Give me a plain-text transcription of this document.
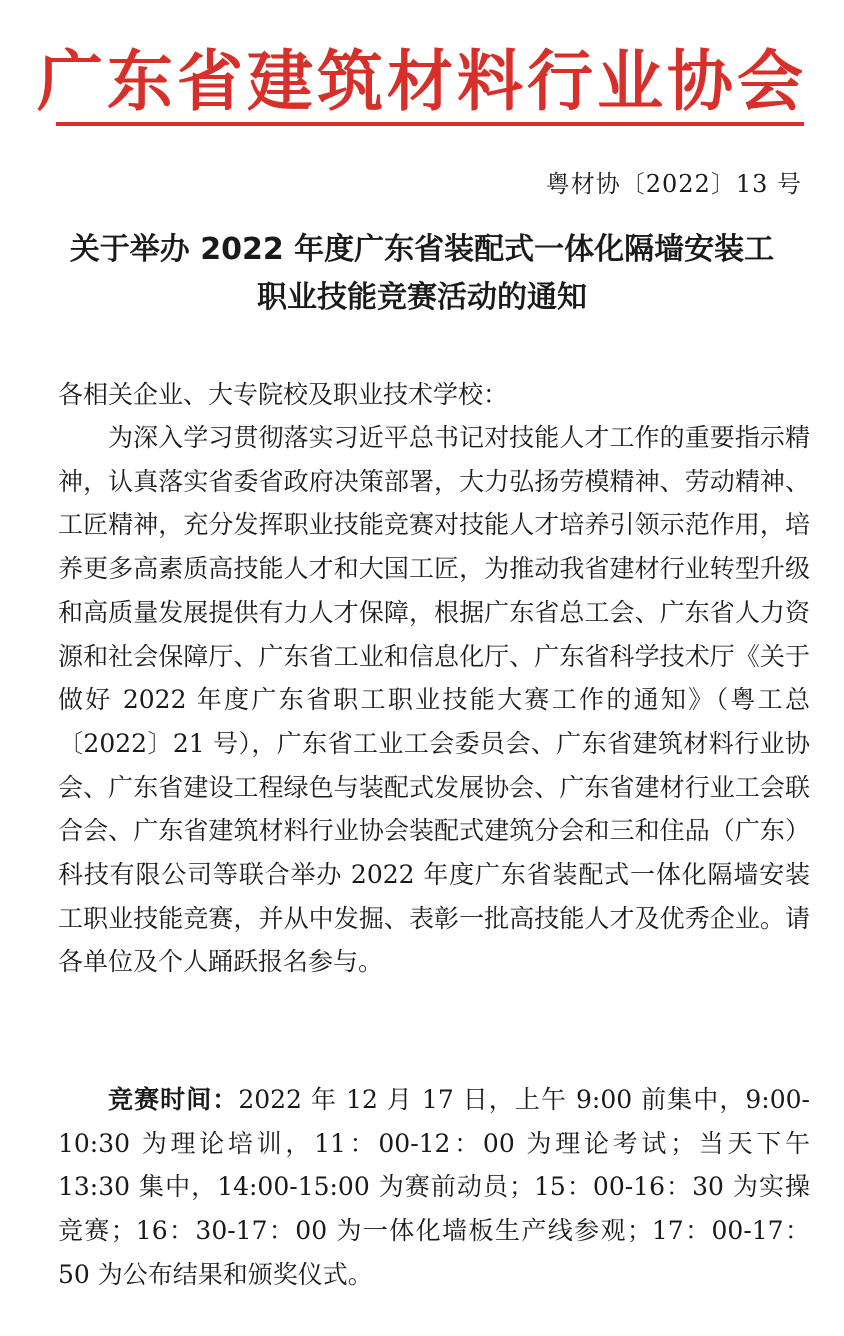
广东省建筑材料行业协会
粤材协〔2022〕13 号
关于举办 2022 年度广东省装配式一体化隔墙安装工
职业技能竞赛活动的通知
各相关企业、大专院校及职业技术学校：

为深入学习贯彻落实习近平总书记对技能人才工作的重要指示精神，认真落实省委省政府决策部署，大力弘扬劳模精神、劳动精神、工匠精神，充分发挥职业技能竞赛对技能人才培养引领示范作用，培养更多高素质高技能人才和大国工匠，为推动我省建材行业转型升级和高质量发展提供有力人才保障，根据广东省总工会、广东省人力资源和社会保障厅、广东省工业和信息化厅、广东省科学技术厅《关于做好 2022 年度广东省职工职业技能大赛工作的通知》（粤工总〔2022〕21 号），广东省工业工会委员会、广东省建筑材料行业协会、广东省建设工程绿色与装配式发展协会、广东省建材行业工会联合会、广东省建筑材料行业协会装配式建筑分会和三和住品（广东）科技有限公司等联合举办 2022 年度广东省装配式一体化隔墙安装工职业技能竞赛，并从中发掘、表彰一批高技能人才及优秀企业。请各单位及个人踊跃报名参与。

竞赛时间：2022 年 12 月 17 日，上午 9:00 前集中，9:00-10:30 为理论培训，11：00-12：00 为理论考试；当天下午 13:30 集中，14:00-15:00 为赛前动员；15：00-16：30 为实操竞赛；16：30-17：00 为一体化墙板生产线参观；17：00-17：50 为公布结果和颁奖仪式。
